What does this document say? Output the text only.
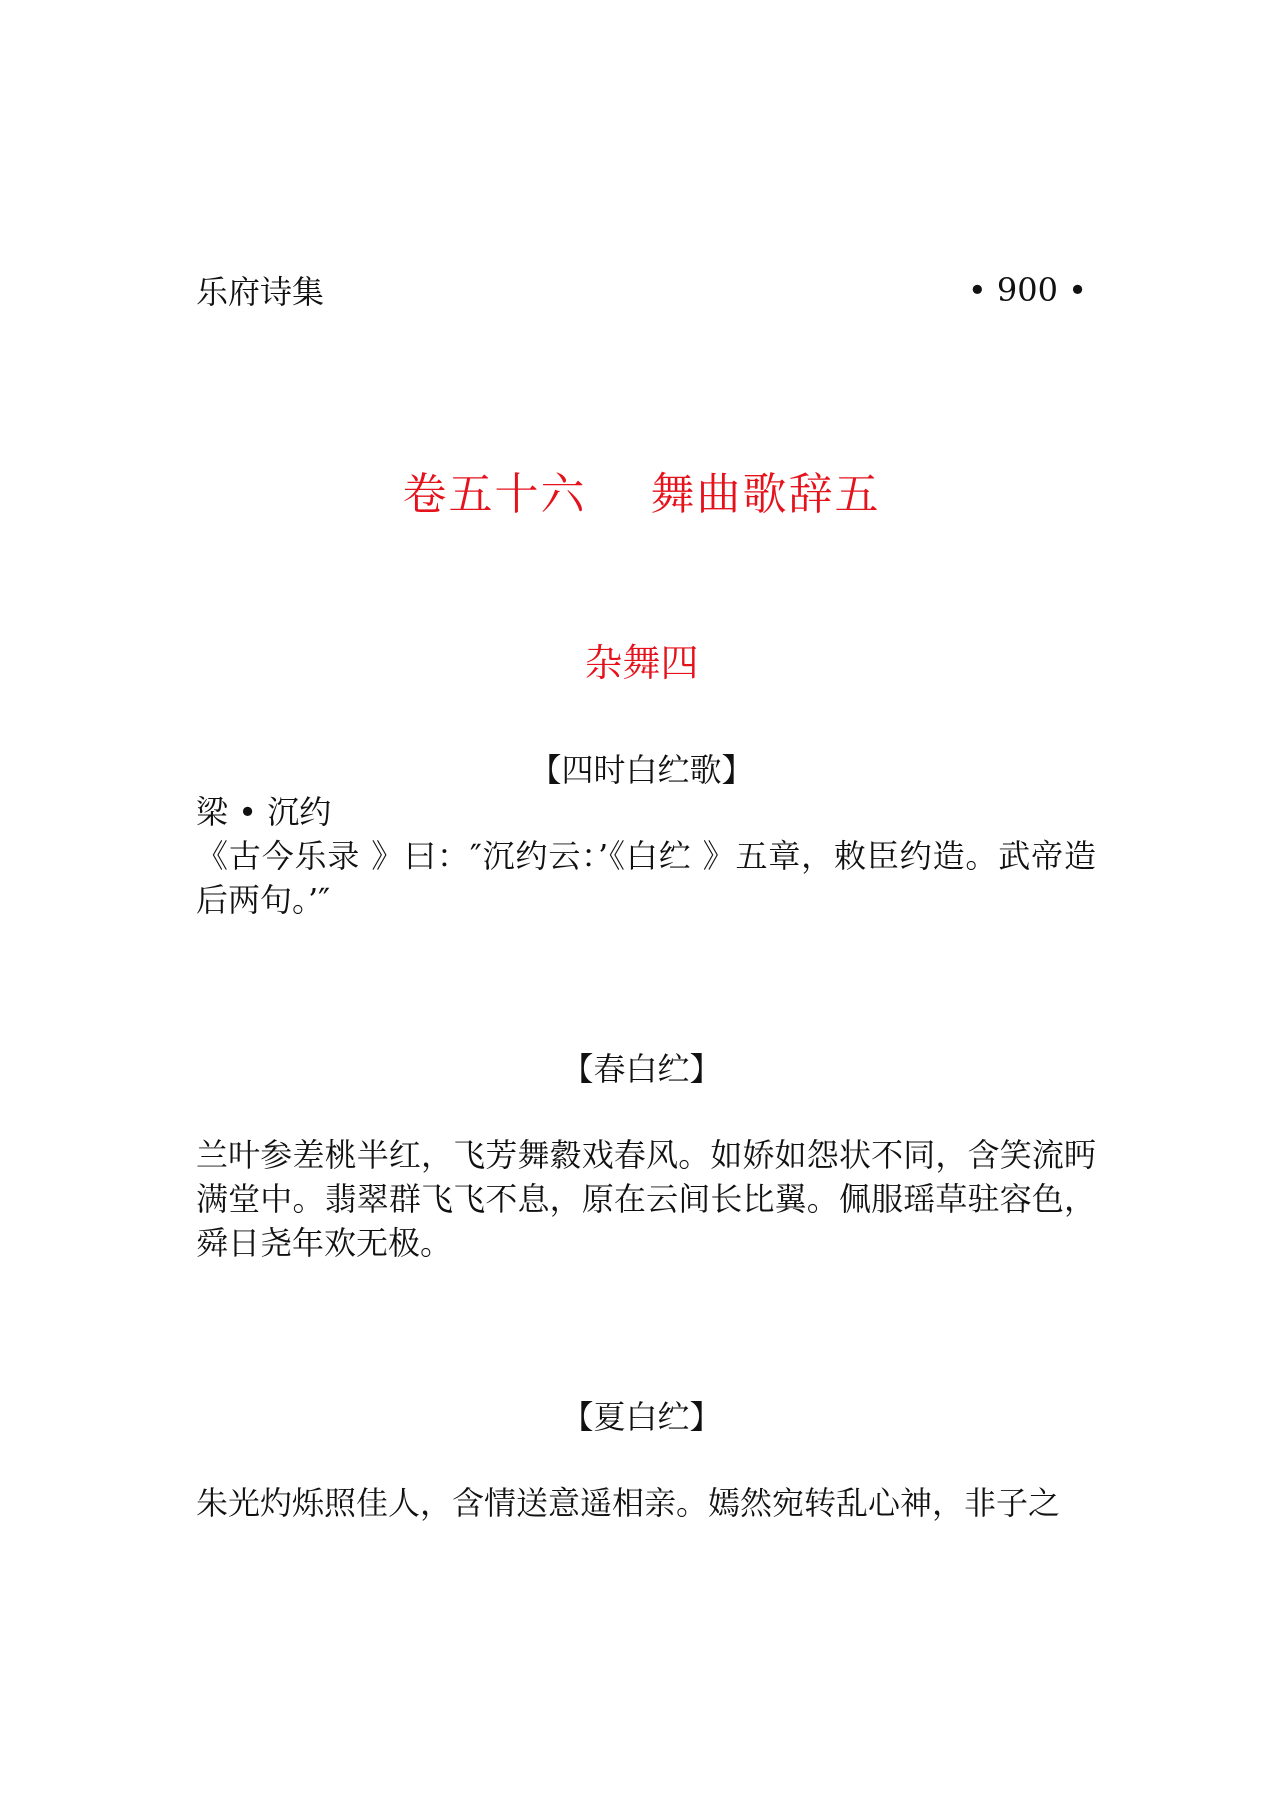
乐府诗集	• 900 •
卷五十六    舞曲歌辞五
杂舞四
【四时白纻歌】
梁 • 沉约
《古今乐录 》曰：″沉约云：’《白纻 》五章，敕臣约造。武帝造后两句。’″
【春白纻】
兰叶参差桃半红，飞芳舞縠戏春风。如娇如怨状不同，含笑流眄满堂中。翡翠群飞飞不息，原在云间长比翼。佩服瑶草驻容色，舜日尧年欢无极。
【夏白纻】
朱光灼烁照佳人，含情送意遥相亲。嫣然宛转乱心神，非子之
